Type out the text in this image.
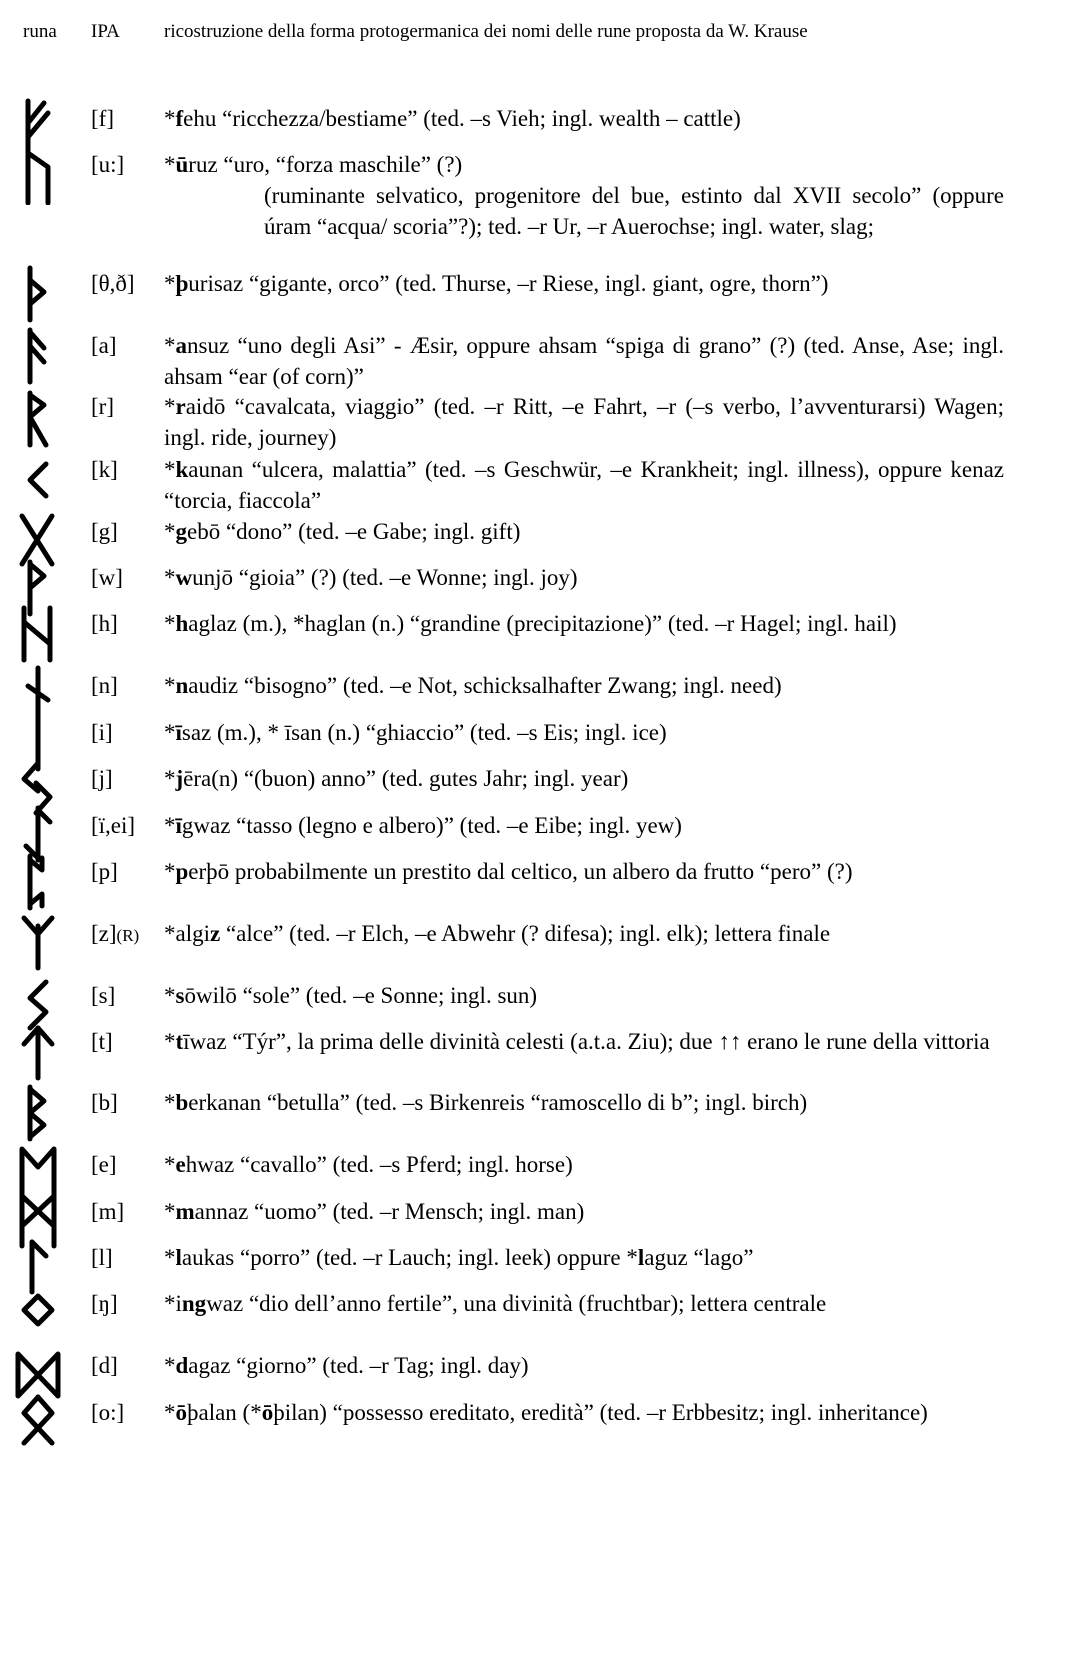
runa IPA ricostruzione della forma protogermanica dei nomi delle rune proposta da W. Krause
[f]	*fehu “ricchezza/bestiame” (ted. –s Vieh; ingl. wealth – cattle)
[u:]	*ūruz “uro, “forza maschile” (?)
(ruminante selvatico, progenitore del bue, estinto dal XVII secolo” (oppure úram “acqua/ scoria”?); ted. –r Ur, –r Auerochse; ingl. water, slag;
[θ,ð]	*þurisaz “gigante, orco” (ted. Thurse, –r Riese, ingl. giant, ogre, thorn”)
[a]	*ansuz “uno degli Asi” - Æsir, oppure ahsam “spiga di grano” (?) (ted. Anse, Ase; ingl. ahsam “ear (of corn)”
[r]	*raidō “cavalcata, viaggio” (ted. –r Ritt, –e Fahrt, –r (–s verbo, l’avventurarsi) Wagen; ingl. ride, journey)
[k]	*kaunan “ulcera, malattia” (ted. –s Geschwür, –e Krankheit; ingl. illness), oppure kenaz “torcia, fiaccola”
[g]	*gebō “dono” (ted. –e Gabe; ingl. gift)
[w]	*wunjō “gioia” (?) (ted. –e Wonne; ingl. joy)
[h]	*haglaz (m.), *haglan (n.) “grandine (precipitazione)” (ted. –r Hagel; ingl. hail)
[n]	*naudiz “bisogno” (ted. –e Not, schicksalhafter Zwang; ingl. need)
[i]	*īsaz (m.), * īsan (n.) “ghiaccio” (ted. –s Eis; ingl. ice)
[j]	*jēra(n) “(buon) anno” (ted. gutes Jahr; ingl. year)
[ï,ei]	*īgwaz “tasso (legno e albero)” (ted. –e Eibe; ingl. yew)
[p]	*perþō probabilmente un prestito dal celtico, un albero da frutto “pero” (?)
[z](R)	*algiz “alce” (ted. –r Elch, –e Abwehr (? difesa); ingl. elk); lettera finale
[s]	*sōwilō “sole” (ted. –e Sonne; ingl. sun)
[t]	*tīwaz “Týr”, la prima delle divinità celesti (a.t.a. Ziu); due ↑↑ erano le rune della vittoria
[b]	*berkanan “betulla” (ted. –s Birkenreis “ramoscello di b”; ingl. birch)
[e]	*ehwaz “cavallo” (ted. –s Pferd; ingl. horse)
[m]	*mannaz “uomo” (ted. –r Mensch; ingl. man)
[l]	*laukas “porro” (ted. –r Lauch; ingl. leek) oppure *laguz “lago”
[ŋ]	*ingwaz “dio dell’anno fertile”, una divinità (fruchtbar); lettera centrale
[d]	*dagaz “giorno” (ted. –r Tag; ingl. day)
[o:]	*ōþalan (*ōþilan) “possesso ereditato, eredità” (ted. –r Erbbesitz; ingl. inheritance)
